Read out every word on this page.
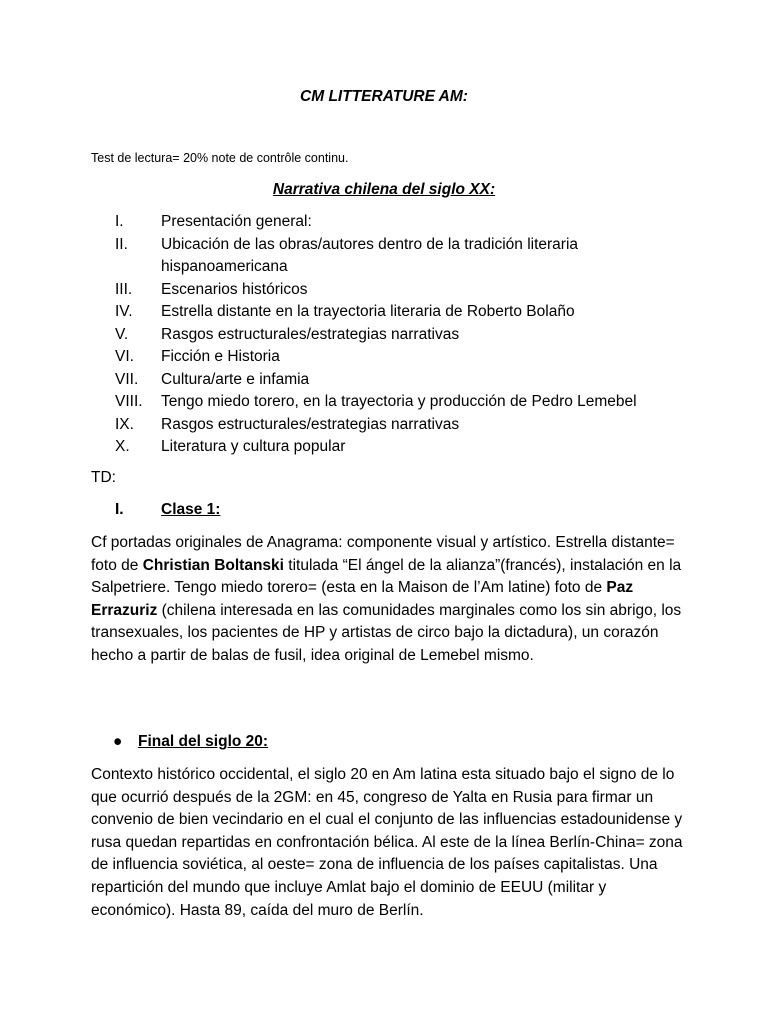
CM LITTERATURE AM:
Test de lectura= 20% note de contrôle continu.
Narrativa chilena del siglo XX:
I. Presentación general:
II. Ubicación de las obras/autores dentro de la tradición literaria hispanoamericana
III. Escenarios históricos
IV. Estrella distante en la trayectoria literaria de Roberto Bolaño
V. Rasgos estructurales/estrategias narrativas
VI. Ficción e Historia
VII. Cultura/arte e infamia
VIII. Tengo miedo torero, en la trayectoria y producción de Pedro Lemebel
IX. Rasgos estructurales/estrategias narrativas
X. Literatura y cultura popular
TD:
I. Clase 1:
Cf portadas originales de Anagrama: componente visual y artístico. Estrella distante= foto de Christian Boltanski titulada “El ángel de la alianza”(francés), instalación en la Salpetriere. Tengo miedo torero= (esta en la Maison de l’Am latine) foto de Paz Errazuriz (chilena interesada en las comunidades marginales como los sin abrigo, los transexuales, los pacientes de HP y artistas de circo bajo la dictadura), un corazón hecho a partir de balas de fusil, idea original de Lemebel mismo.
● Final del siglo 20:
Contexto histórico occidental, el siglo 20 en Am latina esta situado bajo el signo de lo que ocurrió después de la 2GM: en 45, congreso de Yalta en Rusia para firmar un convenio de bien vecindario en el cual el conjunto de las influencias estadounidense y rusa quedan repartidas en confrontación bélica. Al este de la línea Berlín-China= zona de influencia soviética, al oeste= zona de influencia de los países capitalistas. Una repartición del mundo que incluye Amlat bajo el dominio de EEUU (militar y económico). Hasta 89, caída del muro de Berlín.
